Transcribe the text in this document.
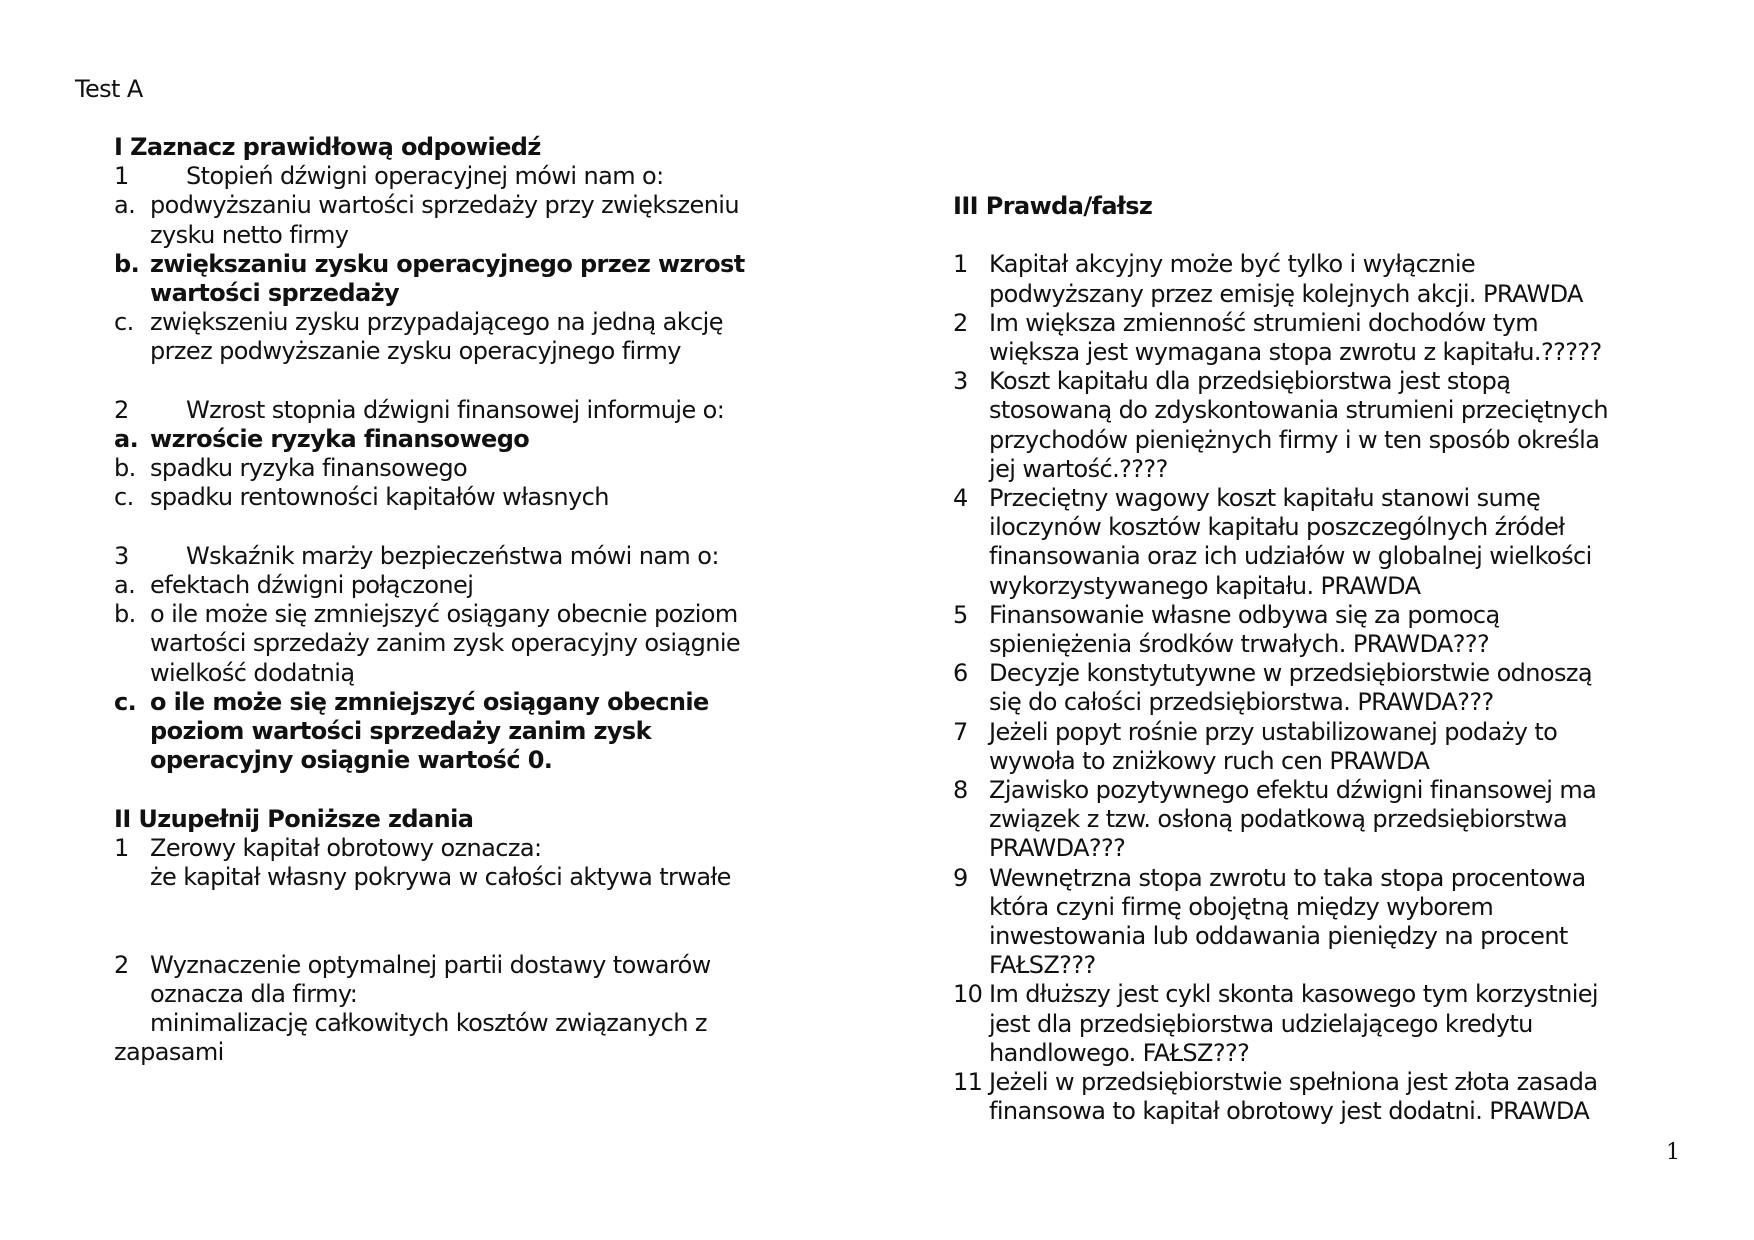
Test A
I Zaznacz prawidłową odpowiedź
1 Stopień dźwigni operacyjnej mówi nam o:
a. podwyższaniu wartości sprzedaży przy zwiększeniu
zysku netto firmy
b. zwiększaniu zysku operacyjnego przez wzrost
wartości sprzedaży
c. zwiększeniu zysku przypadającego na jedną akcję
przez podwyższanie zysku operacyjnego firmy
2 Wzrost stopnia dźwigni finansowej informuje o:
a. wzroście ryzyka finansowego
b. spadku ryzyka finansowego
c. spadku rentowności kapitałów własnych
3 Wskaźnik marży bezpieczeństwa mówi nam o:
a. efektach dźwigni połączonej
b. o ile może się zmniejszyć osiągany obecnie poziom
wartości sprzedaży zanim zysk operacyjny osiągnie
wielkość dodatnią
c. o ile może się zmniejszyć osiągany obecnie
poziom wartości sprzedaży zanim zysk
operacyjny osiągnie wartość 0.
II Uzupełnij Poniższe zdania
1 Zerowy kapitał obrotowy oznacza:
że kapitał własny pokrywa w całości aktywa trwałe
2 Wyznaczenie optymalnej partii dostawy towarów
oznacza dla firmy:
minimalizację całkowitych kosztów związanych z
zapasami
III Prawda/fałsz
1 Kapitał akcyjny może być tylko i wyłącznie
podwyższany przez emisję kolejnych akcji. PRAWDA
2 Im większa zmienność strumieni dochodów tym
większa jest wymagana stopa zwrotu z kapitału.?????
3 Koszt kapitału dla przedsiębiorstwa jest stopą
stosowaną do zdyskontowania strumieni przeciętnych
przychodów pieniężnych firmy i w ten sposób określa
jej wartość.????
4 Przeciętny wagowy koszt kapitału stanowi sumę
iloczynów kosztów kapitału poszczególnych źródeł
finansowania oraz ich udziałów w globalnej wielkości
wykorzystywanego kapitału. PRAWDA
5 Finansowanie własne odbywa się za pomocą
spieniężenia środków trwałych. PRAWDA???
6 Decyzje konstytutywne w przedsiębiorstwie odnoszą
się do całości przedsiębiorstwa. PRAWDA???
7 Jeżeli popyt rośnie przy ustabilizowanej podaży to
wywoła to zniżkowy ruch cen PRAWDA
8 Zjawisko pozytywnego efektu dźwigni finansowej ma
związek z tzw. osłoną podatkową przedsiębiorstwa
PRAWDA???
9 Wewnętrzna stopa zwrotu to taka stopa procentowa
która czyni firmę obojętną między wyborem
inwestowania lub oddawania pieniędzy na procent
FAŁSZ???
10 Im dłuższy jest cykl skonta kasowego tym korzystniej
jest dla przedsiębiorstwa udzielającego kredytu
handlowego. FAŁSZ???
11 Jeżeli w przedsiębiorstwie spełniona jest złota zasada
finansowa to kapitał obrotowy jest dodatni. PRAWDA
1
